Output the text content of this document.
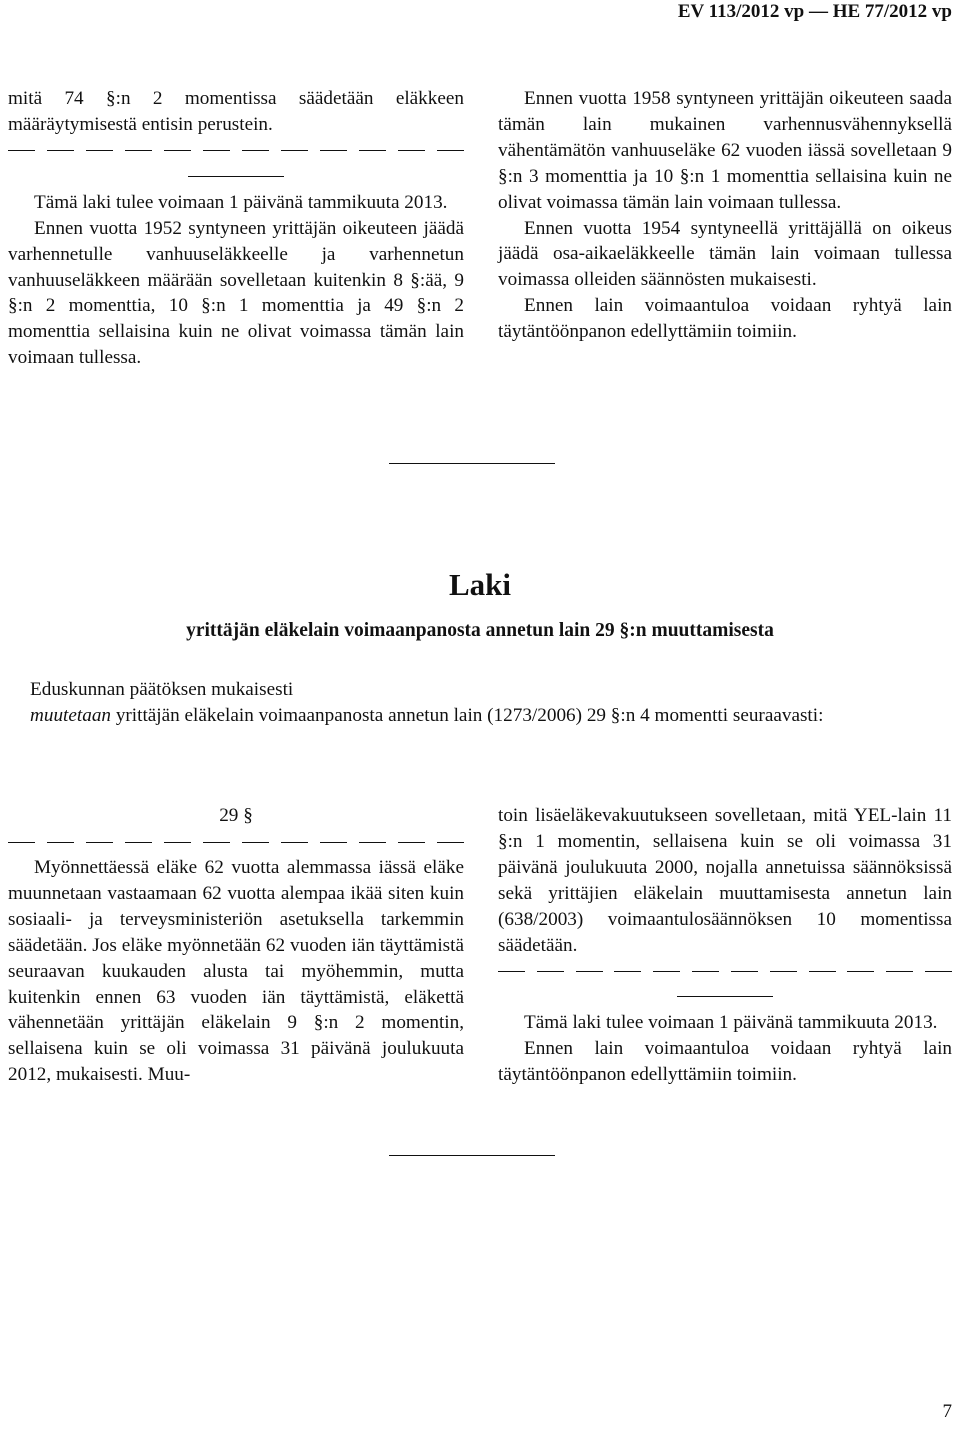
EV 113/2012 vp — HE 77/2012 vp

mitä 74 §:n 2 momentissa säädetään eläkkeen määräytymisestä entisin perustein.

Tämä laki tulee voimaan 1 päivänä tammikuuta 2013.

Ennen vuotta 1952 syntyneen yrittäjän oikeuteen jäädä varhennetulle vanhuuseläkkeelle ja varhennetun vanhuuseläkkeen määrään sovelletaan kuitenkin 8 §:ää, 9 §:n 2 momenttia, 10 §:n 1 momenttia ja 49 §:n 2 momenttia sellaisina kuin ne olivat voimassa tämän lain voimaan tullessa.

Ennen vuotta 1958 syntyneen yrittäjän oikeuteen saada tämän lain mukainen varhennusvähennyksellä vähentämätön vanhuuseläke 62 vuoden iässä sovelletaan 9 §:n 3 momenttia ja 10 §:n 1 momenttia sellaisina kuin ne olivat voimassa tämän lain voimaan tullessa.

Ennen vuotta 1954 syntyneellä yrittäjällä on oikeus jäädä osa-aikaeläkkeelle tämän lain voimaan tullessa voimassa olleiden säännösten mukaisesti.

Ennen lain voimaantuloa voidaan ryhtyä lain täytäntöönpanon edellyttämiin toimiin.

Laki
yrittäjän eläkelain voimaanpanosta annetun lain 29 §:n muuttamisesta

Eduskunnan päätöksen mukaisesti

muutetaan yrittäjän eläkelain voimaanpanosta annetun lain (1273/2006) 29 §:n 4 momentti seuraavasti:

29 §

Myönnettäessä eläke 62 vuotta alemmassa iässä eläke muunnetaan vastaamaan 62 vuotta alempaa ikää siten kuin sosiaali- ja terveysministeriön asetuksella tarkemmin säädetään. Jos eläke myönnetään 62 vuoden iän täyttämistä seuraavan kuukauden alusta tai myöhemmin, mutta kuitenkin ennen 63 vuoden iän täyttämistä, eläkettä vähennetään yrittäjän eläkelain 9 §:n 2 momentin, sellaisena kuin se oli voimassa 31 päivänä joulukuuta 2012, mukaisesti. Muu-

toin lisäeläkevakuutukseen sovelletaan, mitä YEL-lain 11 §:n 1 momentin, sellaisena kuin se oli voimassa 31 päivänä joulukuuta 2000, nojalla annetuissa säännöksissä sekä yrittäjien eläkelain muuttamisesta annetun lain (638/2003) voimaantulosäännöksen 10 momentissa säädetään.

Tämä laki tulee voimaan 1 päivänä tammikuuta 2013.

Ennen lain voimaantuloa voidaan ryhtyä lain täytäntöönpanon edellyttämiin toimiin.

7
